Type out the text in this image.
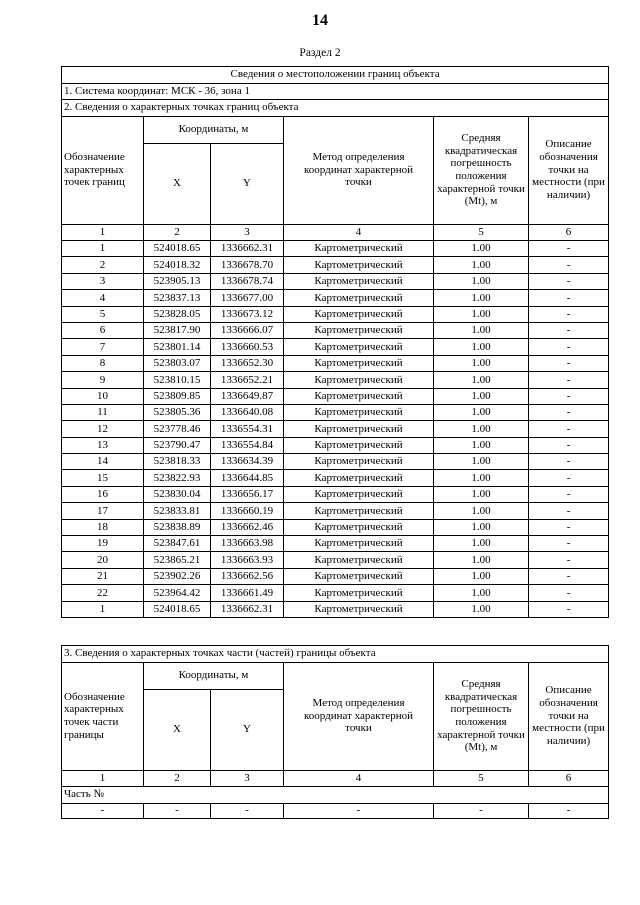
14
Раздел 2
Сведения о местоположении границ объекта					
1. Система координат: МСК - 36, зона 1					
2. Сведения о характерных точках границ объекта					
Обозначение характерных точек границ	Координаты, м		Метод определения координат характерной точки	Средняя квадратическая погрешность положения характерной точки (Mt), м	Описание обозначения точки на местности (при наличии)
	X	Y			
1	2	3	4	5	6
1	524018.65	1336662.31	Картометрический	1.00	-
2	524018.32	1336678.70	Картометрический	1.00	-
3	523905.13	1336678.74	Картометрический	1.00	-
4	523837.13	1336677.00	Картометрический	1.00	-
5	523828.05	1336673.12	Картометрический	1.00	-
6	523817.90	1336666.07	Картометрический	1.00	-
7	523801.14	1336660.53	Картометрический	1.00	-
8	523803.07	1336652.30	Картометрический	1.00	-
9	523810.15	1336652.21	Картометрический	1.00	-
10	523809.85	1336649.87	Картометрический	1.00	-
11	523805.36	1336640.08	Картометрический	1.00	-
12	523778.46	1336554.31	Картометрический	1.00	-
13	523790.47	1336554.84	Картометрический	1.00	-
14	523818.33	1336634.39	Картометрический	1.00	-
15	523822.93	1336644.85	Картометрический	1.00	-
16	523830.04	1336656.17	Картометрический	1.00	-
17	523833.81	1336660.19	Картометрический	1.00	-
18	523838.89	1336662.46	Картометрический	1.00	-
19	523847.61	1336663.98	Картометрический	1.00	-
20	523865.21	1336663.93	Картометрический	1.00	-
21	523902.26	1336662.56	Картометрический	1.00	-
22	523964.42	1336661.49	Картометрический	1.00	-
1	524018.65	1336662.31	Картометрический	1.00	-
3. Сведения о характерных точках части (частей) границы объекта					
Обозначение характерных точек части границы	Координаты, м		Метод определения координат характерной точки	Средняя квадратическая погрешность положения характерной точки (Mt), м	Описание обозначения точки на местности (при наличии)
	X	Y			
1	2	3	4	5	6
Часть №					
-	-	-	-	-	-
